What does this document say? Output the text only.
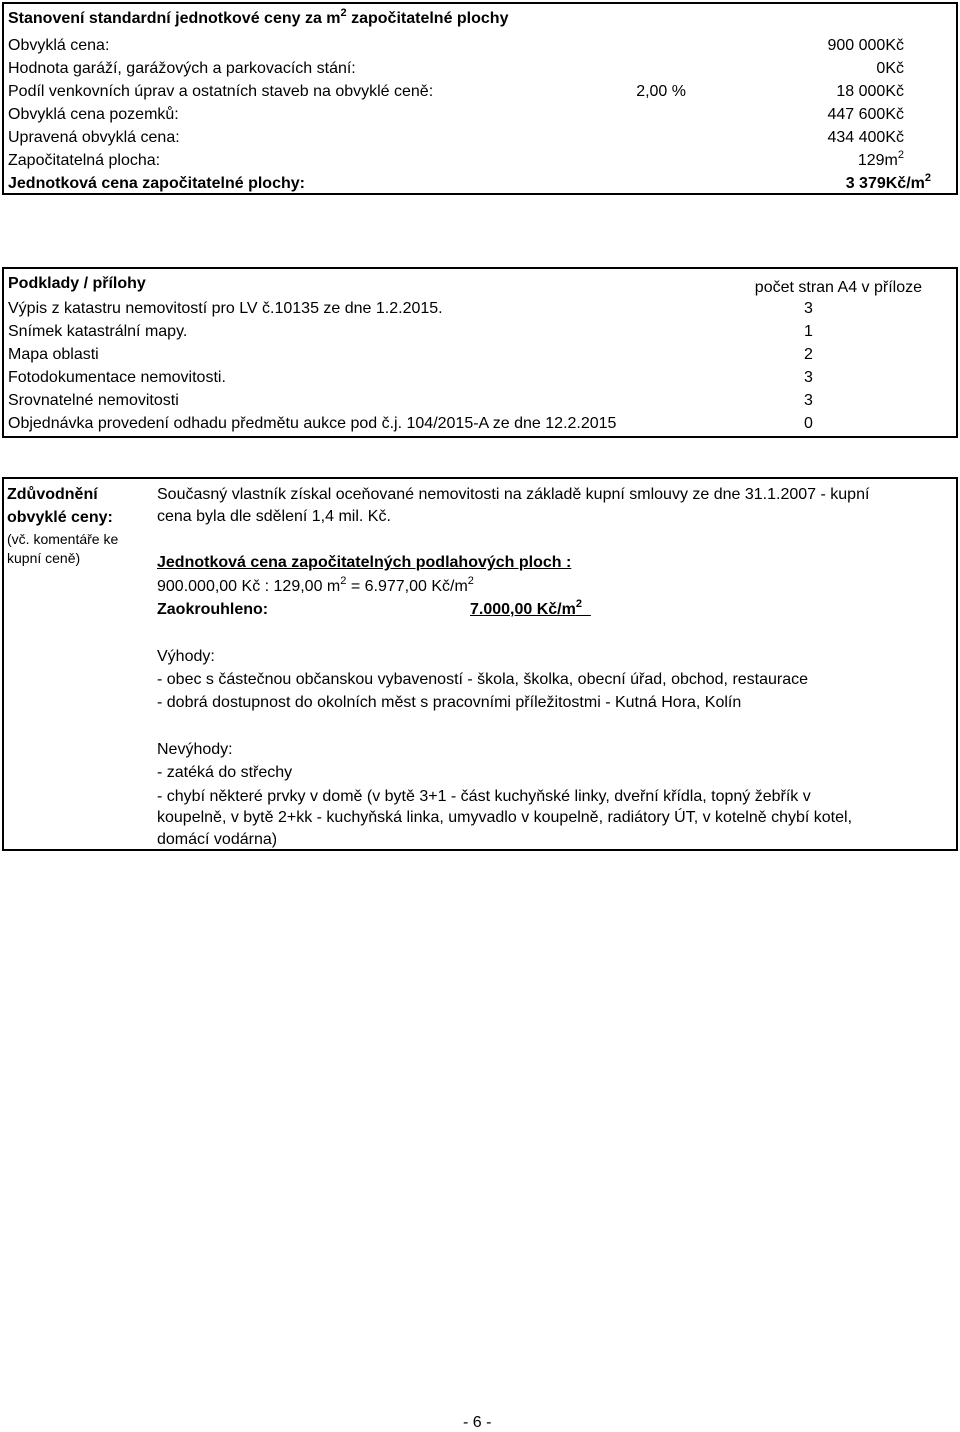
Stanovení standardní jednotkové ceny za $m^2$ započitatelné plochy
Obvyklá cena:	900 000Kč
Hodnota garáží, garážových a parkovacích stání:	0Kč
Podíl venkovních úprav a ostatních staveb na obvyklé ceně:	2,00 %	18 000Kč
Obvyklá cena pozemků:	447 600Kč
Upravená obvyklá cena:	434 400Kč
Započitatelná plocha:	$129m^2$
Jednotková cena započitatelné plochy:	3 $379Kč/m^2$
Podklady / přílohy	počet stran A4 v příloze
Výpis z katastru nemovitostí pro LV č.10135 ze dne 1.2.2015.	3
Snímek katastrální mapy.	1
Mapa oblasti	2
Fotodokumentace nemovitosti.	3
Srovnatelné nemovitosti	3
Objednávka provedení odhadu předmětu aukce pod č.j. 104/2015-A ze dne 12.2.2015	0
Zdůvodnění
obvyklé ceny:
(vč. komentáře ke
kupní ceně)
Současný vlastník získal oceňované nemovitosti na základě kupní smlouvy ze dne 31.1.2007 - kupní
cena byla dle sdělení 1,4 mil. Kč.
Jednotková cena započitatelných podlahových ploch :
900.000,00 Kč : 129,00 $m^2 = 6.977,00$ $Kč/m^2$
Zaokrouhleno:	7.000,00 $Kč/m^2$
Výhody:
- obec s částečnou občanskou vybaveností - škola, školka, obecní úřad, obchod, restaurace
- dobrá dostupnost do okolních měst s pracovními příležitostmi - Kutná Hora, Kolín
Nevýhody:
- zatéká do střechy
- chybí některé prvky v domě (v bytě 3+1 - část kuchyňské linky, dveřní křídla, topný žebřík v
koupelně, v bytě 2+kk - kuchyňská linka, umyvadlo v koupelně, radiátory ÚT, v kotelně chybí kotel,
domácí vodárna)
- 6 -
